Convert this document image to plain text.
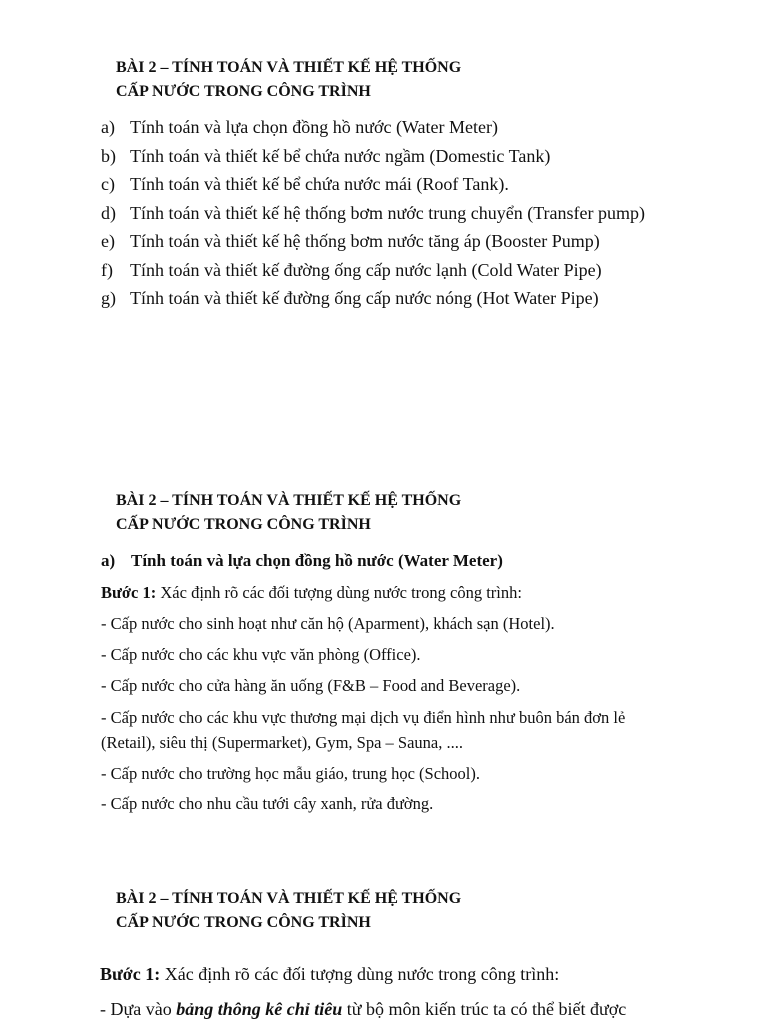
BÀI 2 – TÍNH TOÁN VÀ THIẾT KẾ HỆ THỐNG
CẤP NƯỚC TRONG CÔNG TRÌNH
a) Tính toán và lựa chọn đồng hồ nước (Water Meter)
b) Tính toán và thiết kế bể chứa nước ngầm (Domestic Tank)
c) Tính toán và thiết kế bể chứa nước mái (Roof Tank).
d) Tính toán và thiết kế hệ thống bơm nước trung chuyển (Transfer pump)
e) Tính toán và thiết kế hệ thống bơm nước tăng áp (Booster Pump)
f) Tính toán và thiết kế đường ống cấp nước lạnh (Cold Water Pipe)
g) Tính toán và thiết kế đường ống cấp nước nóng (Hot Water Pipe)
BÀI 2 – TÍNH TOÁN VÀ THIẾT KẾ HỆ THỐNG
CẤP NƯỚC TRONG CÔNG TRÌNH
a) Tính toán và lựa chọn đồng hồ nước (Water Meter)

Bước 1: Xác định rõ các đối tượng dùng nước trong công trình:

- Cấp nước cho sinh hoạt như căn hộ (Aparment), khách sạn (Hotel).

- Cấp nước cho các khu vực văn phòng (Office).

- Cấp nước cho cửa hàng ăn uống (F&B – Food and Beverage).

- Cấp nước cho các khu vực thương mại dịch vụ điển hình như buôn bán đơn lẻ (Retail), siêu thị (Supermarket), Gym, Spa – Sauna, ....

- Cấp nước cho trường học mẫu giáo, trung học (School).

- Cấp nước cho nhu cầu tưới cây xanh, rửa đường.

BÀI 2 – TÍNH TOÁN VÀ THIẾT KẾ HỆ THỐNG
CẤP NƯỚC TRONG CÔNG TRÌNH

Bước 1: Xác định rõ các đối tượng dùng nước trong công trình:

- Dựa vào bảng thông kê chỉ tiêu từ bộ môn kiến trúc ta có thể biết được
